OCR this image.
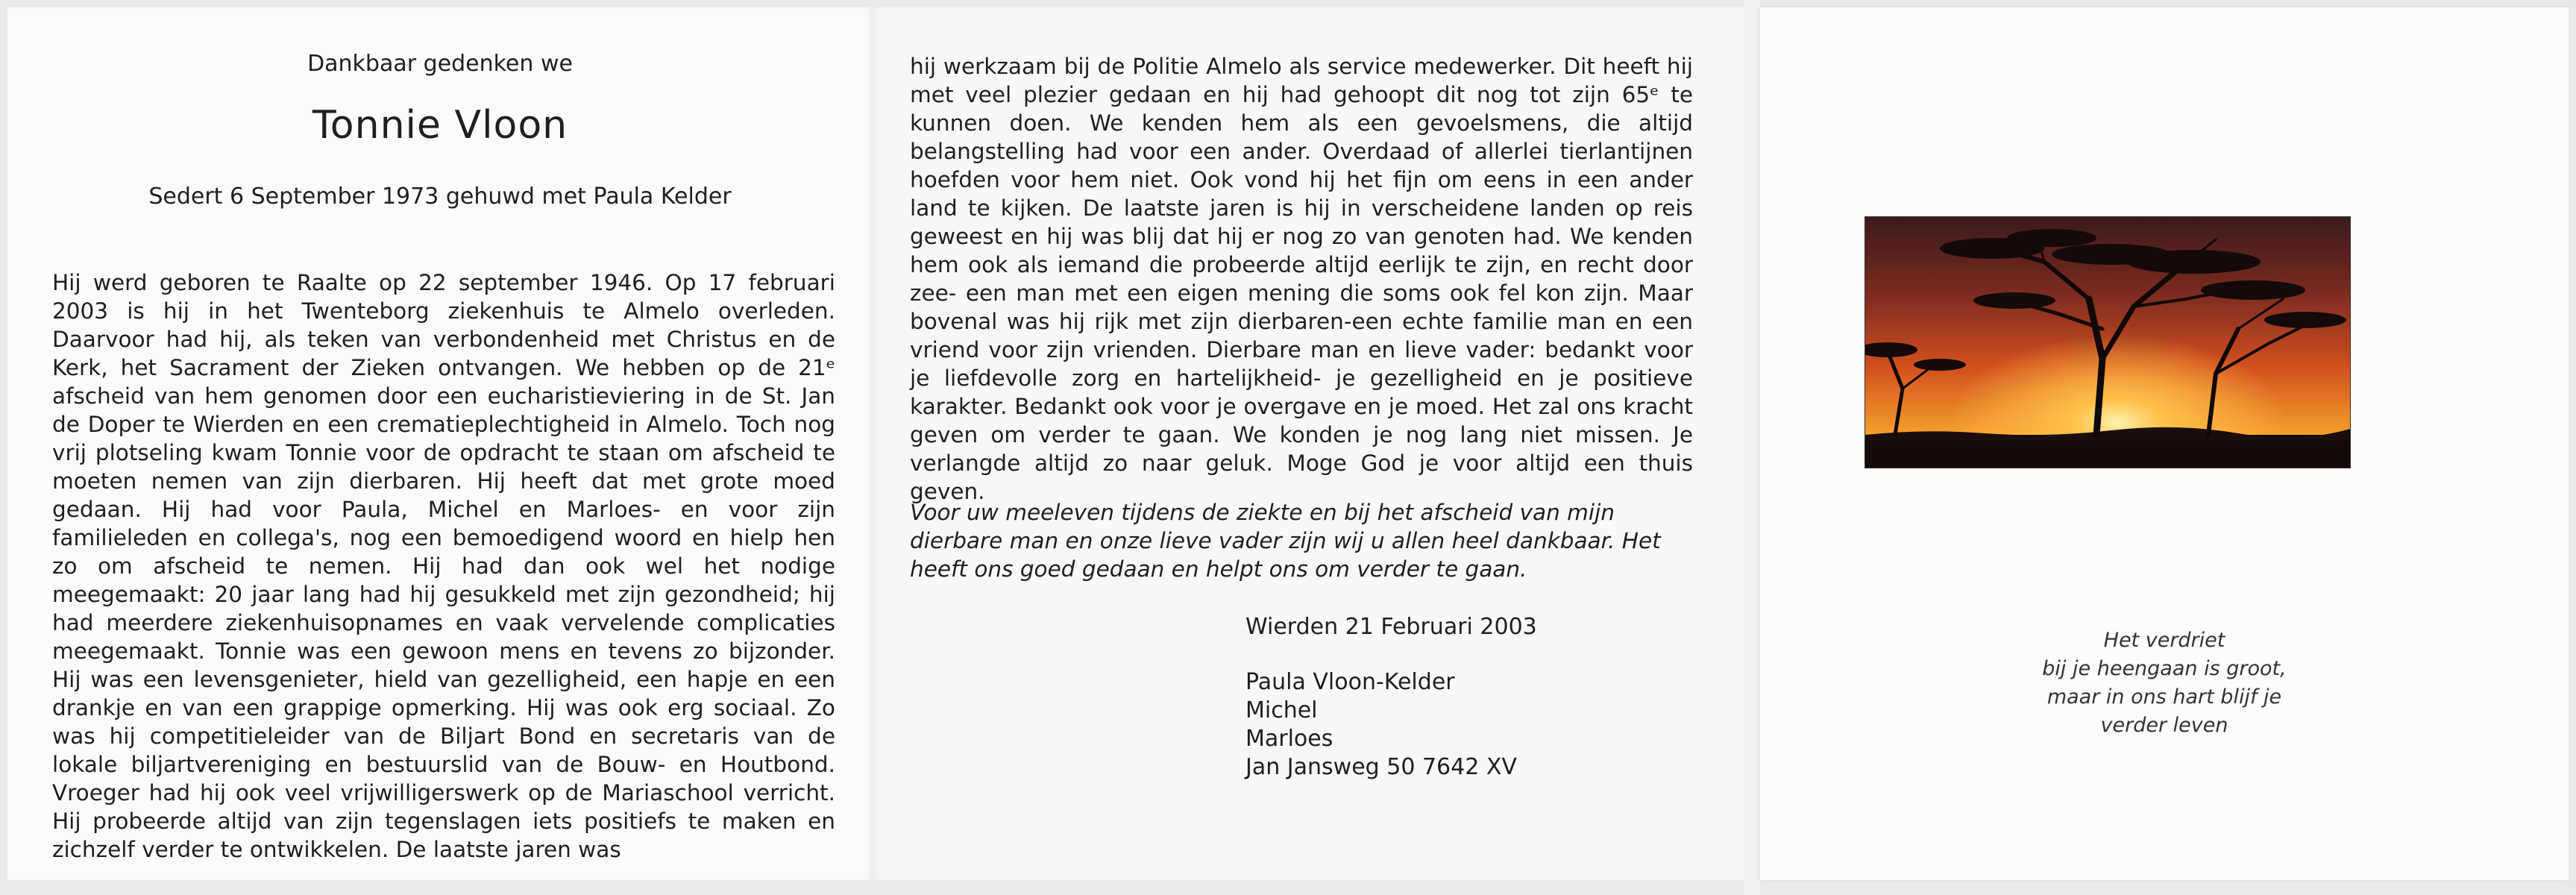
Dankbaar gedenken we
Tonnie Vloon
Sedert 6 September 1973 gehuwd met Paula Kelder

Hij werd geboren te Raalte op 22 september 1946. Op 17 februari 2003 is hij in het Twenteborg ziekenhuis te Almelo overleden. Daarvoor had hij, als teken van verbondenheid met Christus en de Kerk, het Sacrament der Zieken ontvangen. We hebben op de 21ᵉ afscheid van hem genomen door een eucharistieviering in de St. Jan de Doper te Wierden en een crematieplechtigheid in Almelo. Toch nog vrij plotseling kwam Tonnie voor de opdracht te staan om afscheid te moeten nemen van zijn dierbaren. Hij heeft dat met grote moed gedaan. Hij had voor Paula, Michel en Marloes- en voor zijn familieleden en collega's, nog een bemoedigend woord en hielp hen zo om afscheid te nemen. Hij had dan ook wel het nodige meegemaakt: 20 jaar lang had hij gesukkeld met zijn gezondheid; hij had meerdere ziekenhuisopnames en vaak vervelende complicaties meegemaakt. Tonnie was een gewoon mens en tevens zo bijzonder. Hij was een levensgenieter, hield van gezelligheid, een hapje en een drankje en van een grappige opmerking. Hij was ook erg sociaal. Zo was hij competitieleider van de Biljart Bond en secretaris van de lokale biljartvereniging en bestuurslid van de Bouw- en Houtbond. Vroeger had hij ook veel vrijwilligerswerk op de Mariaschool verricht. Hij probeerde altijd van zijn tegenslagen iets positiefs te maken en zichzelf verder te ontwikkelen. De laatste jaren was

hij werkzaam bij de Politie Almelo als service medewerker. Dit heeft hij met veel plezier gedaan en hij had gehoopt dit nog tot zijn 65ᵉ te kunnen doen. We kenden hem als een gevoelsmens, die altijd belangstelling had voor een ander. Overdaad of allerlei tierlantijnen hoefden voor hem niet. Ook vond hij het fijn om eens in een ander land te kijken. De laatste jaren is hij in verscheidene landen op reis geweest en hij was blij dat hij er nog zo van genoten had. We kenden hem ook als iemand die probeerde altijd eerlijk te zijn, en recht door zee- een man met een eigen mening die soms ook fel kon zijn. Maar bovenal was hij rijk met zijn dierbaren-een echte familie man en een vriend voor zijn vrienden. Dierbare man en lieve vader: bedankt voor je liefdevolle zorg en hartelijkheid- je gezelligheid en je positieve karakter. Bedankt ook voor je overgave en je moed. Het zal ons kracht geven om verder te gaan. We konden je nog lang niet missen. Je verlangde altijd zo naar geluk. Moge God je voor altijd een thuis geven.

Voor uw meeleven tijdens de ziekte en bij het afscheid van mijn dierbare man en onze lieve vader zijn wij u allen heel dankbaar. Het heeft ons goed gedaan en helpt ons om verder te gaan.

Wierden 21 Februari 2003
Paula Vloon-Kelder
Michel
Marloes
Jan Jansweg 50 7642 XV
Het verdriet
bij je heengaan is groot,
maar in ons hart blijf je
verder leven
